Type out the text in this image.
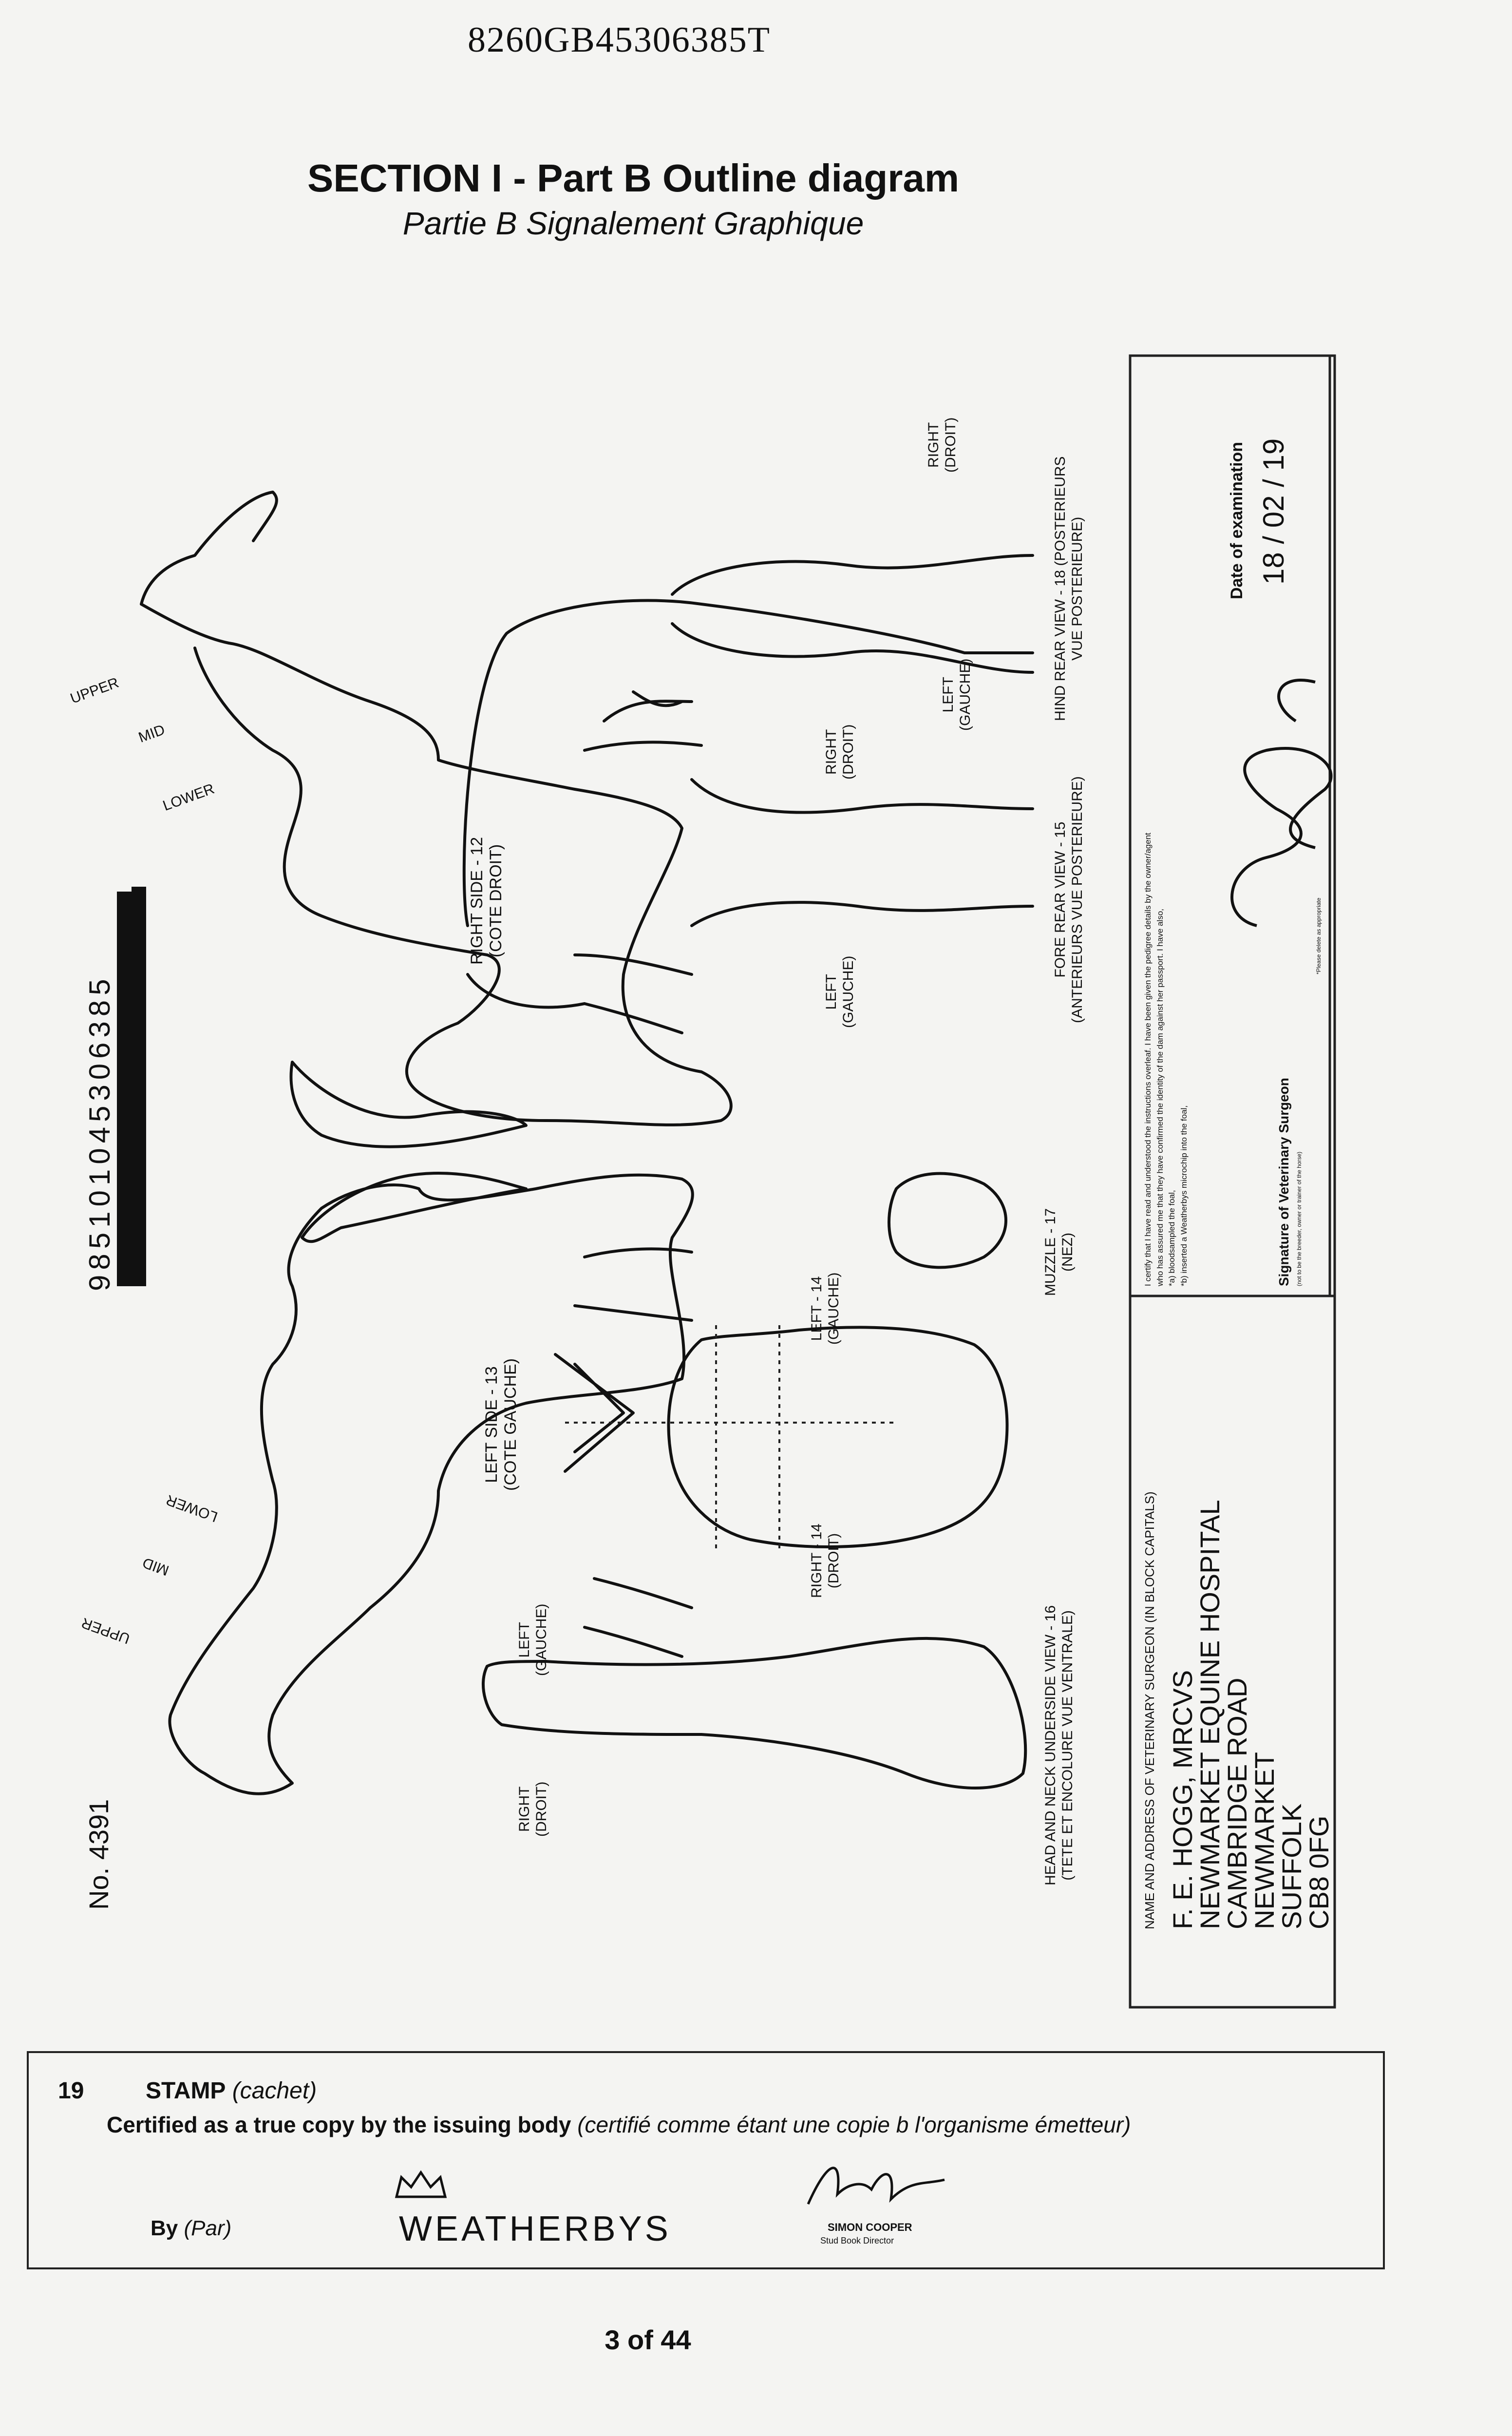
8260GB45306385T
SECTION I - Part B Outline diagram
Partie B Signalement Graphique
No. 4391
985101045306385
UPPER
MID
LOWER
UPPER
MID
LOWER
RIGHT SIDE - 12
(COTE DROIT)
LEFT SIDE - 13
(COTE GAUCHE)
LEFT
(GAUCHE)
RIGHT
(DROIT)
HEAD AND NECK UNDERSIDE VIEW - 16
(TETE ET ENCOLURE VUE VENTRALE)
LEFT - 14
(GAUCHE)
RIGHT - 14
(DROIT)
MUZZLE - 17
(NEZ)
LEFT
(GAUCHE)
RIGHT
(DROIT)
FORE REAR VIEW - 15
(ANTERIEURS VUE POSTERIEURE)
LEFT
(GAUCHE)
RIGHT
(DROIT)
HIND REAR VIEW - 18 (POSTERIEURS
VUE POSTERIEURE)
NAME AND ADDRESS OF VETERINARY SURGEON (IN BLOCK CAPITALS) F. E. HOGG, MRCVS
NEWMARKET EQUINE HOSPITAL
CAMBRIDGE ROAD
NEWMARKET
SUFFOLK
CB8 0FG
I certify that I have read and understood the instructions overleaf. I have been given the pedigree details by the owner/agent who has assured me that they have confirmed the identity of the dam against her passport. I have also, *a) bloodsampled the foal, *b) inserted a Weatherbys microchip into the foal,	Signature of Veterinary Surgeon (not to be the breeder, owner or trainer of the horse)
*Please delete as appropriate
Date of examination 18 / 02 / 19
19	STAMP (cachet)
Certified as a true copy by the issuing body (certifié comme étant une copie b l'organisme émetteur)
By (Par)	WEATHERBYS	SIMON COOPER
Stud Book Director
3 of 44
